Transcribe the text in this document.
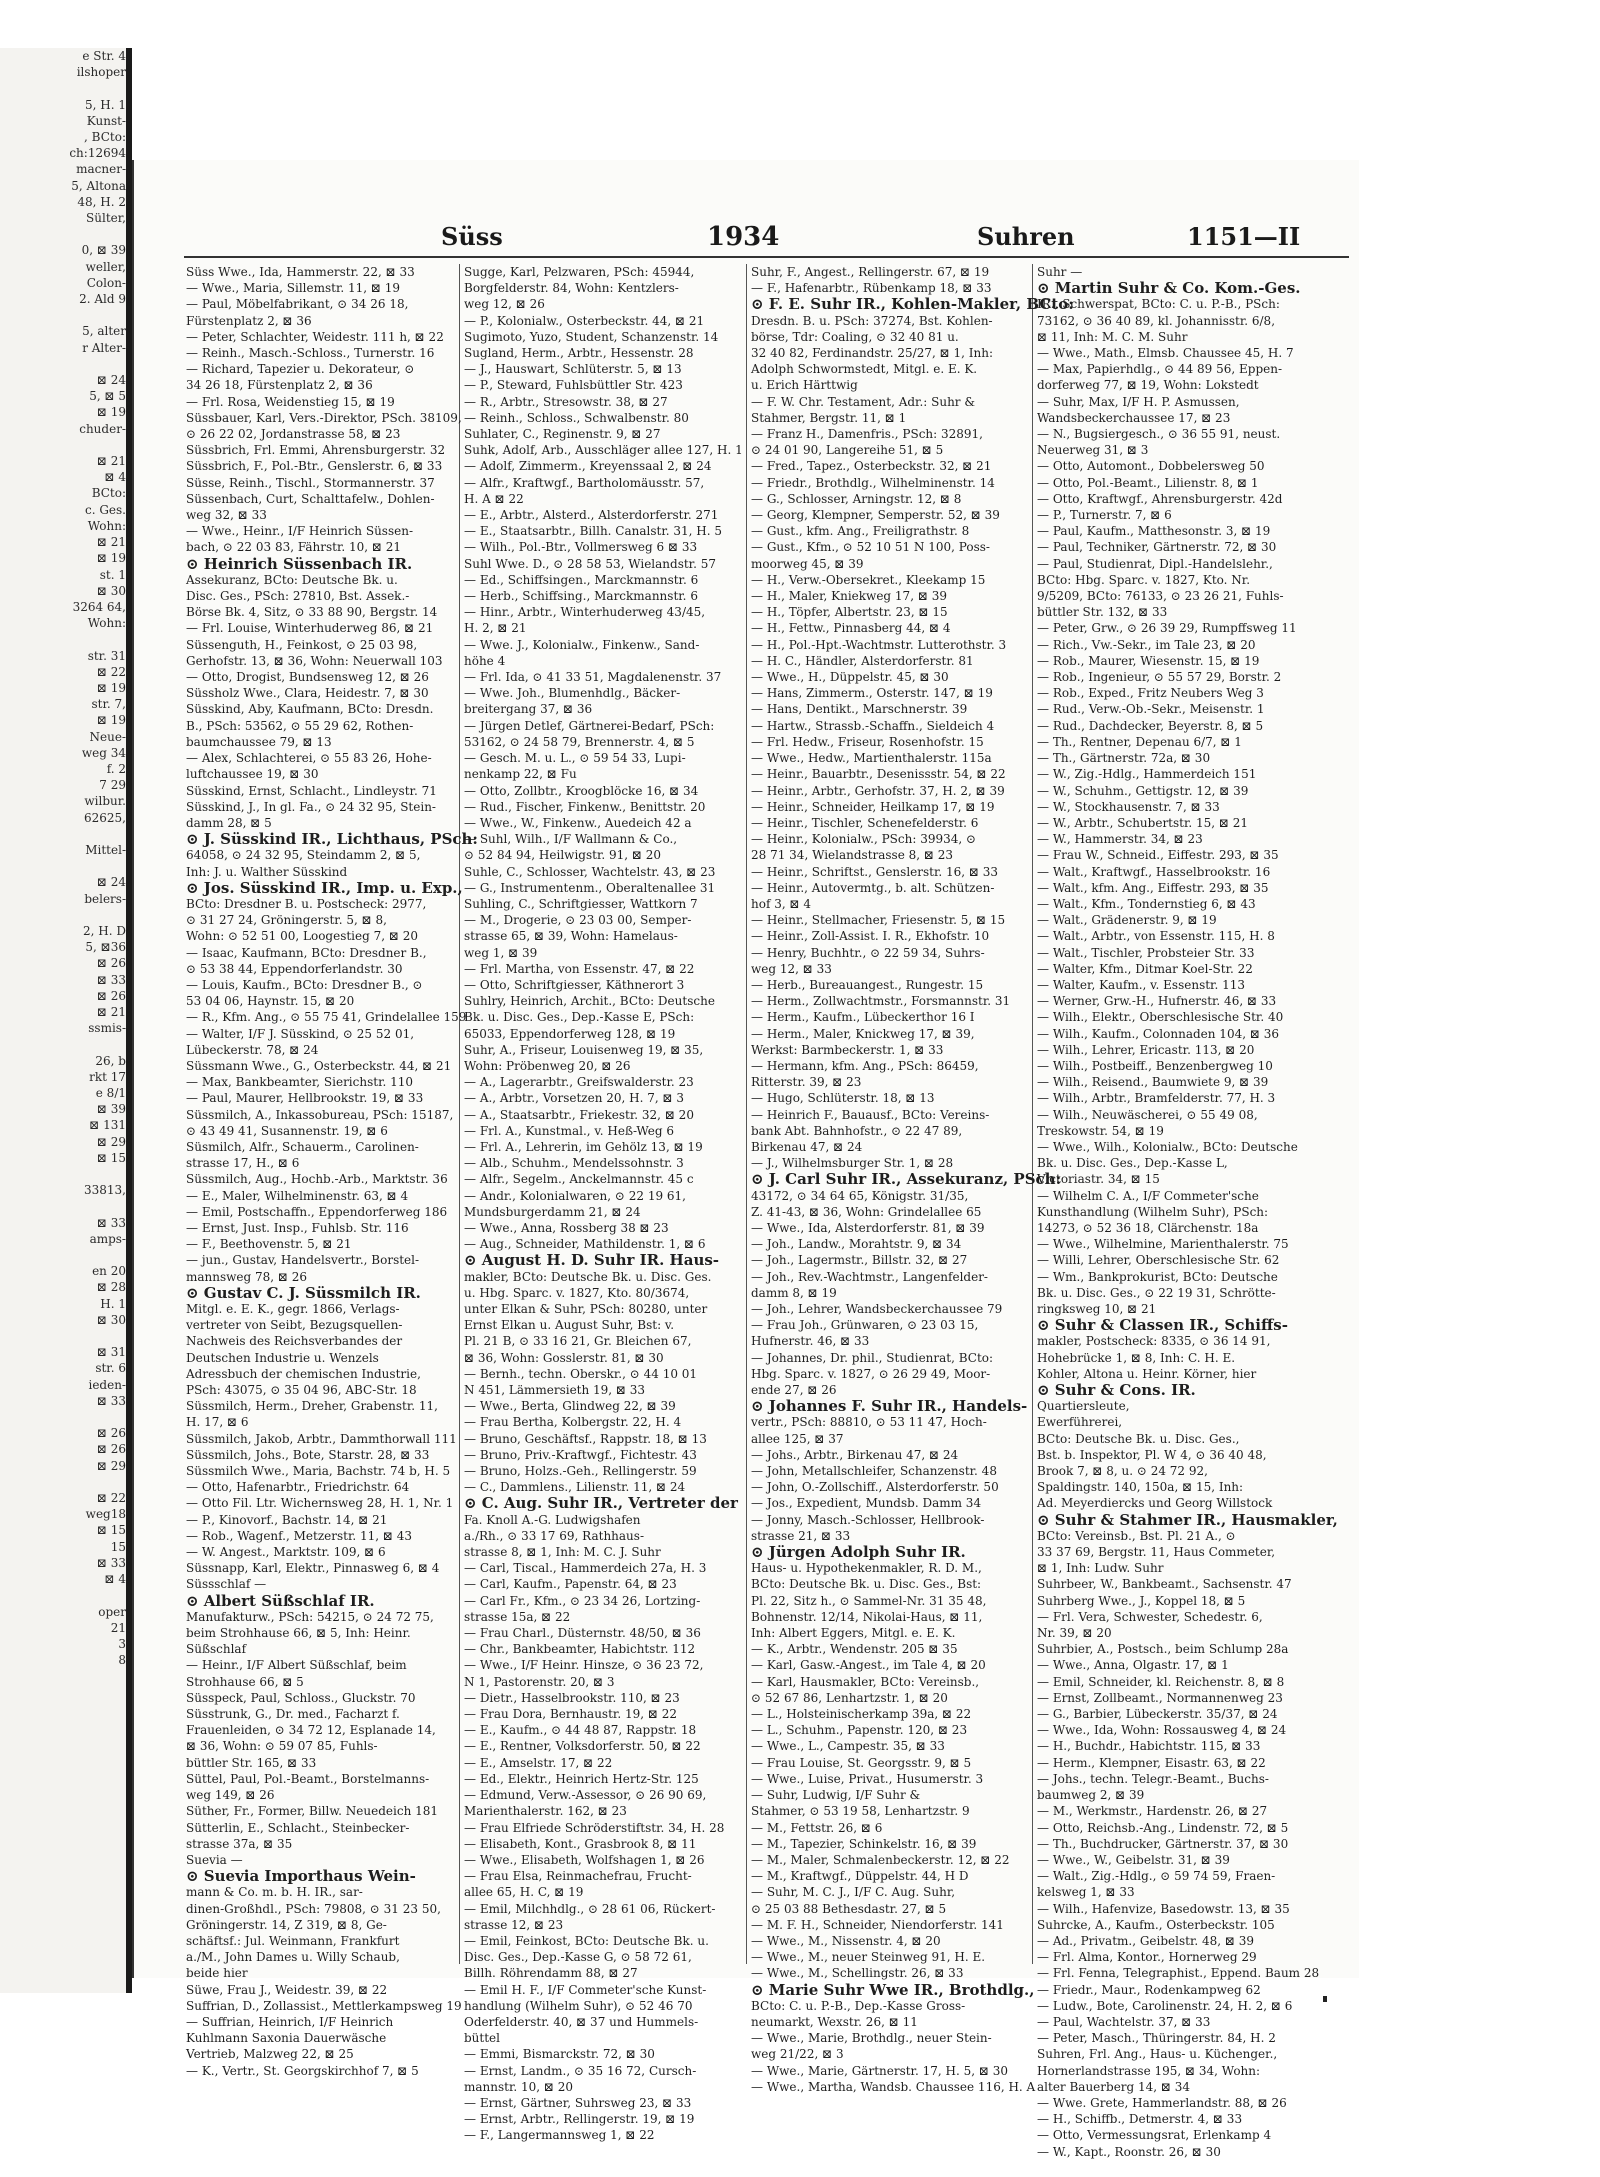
e Str. 4
ilshoper

5, H. 1
Kunst-
, BCto:
ch:12694
macner-
5, Altona
48, H. 2
Sülter,

0, ⊠ 39
weller,
Colon-
2. Ald 9

5, alter
r Alter-

⊠ 24
5, ⊠ 5
⊠ 19
chuder-

⊠ 21
⊠ 4
BCto:
c. Ges.
Wohn:
⊠ 21
⊠ 19
st. 1
⊠ 30
3264 64,
Wohn:

str. 31
⊠ 22
⊠ 19
str. 7,
⊠ 19
Neue-
weg 34
f. 2
7 29
wilbur.
62625,

Mittel-

⊠ 24
belers-

2, H. D
5, ⊠36
⊠ 26
⊠ 33
⊠ 26
⊠ 21
ssmis-

26, b
rkt 17
e 8/1
⊠ 39
⊠ 131
⊠ 29
⊠ 15

33813,

⊠ 33
amps-

en 20
⊠ 28
H. 1
⊠ 30

⊠ 31
str. 6
ieden-
⊠ 33

⊠ 26
⊠ 26
⊠ 29

⊠ 22
weg18
⊠ 15
15
⊠ 33
⊠ 4

oper
21
3
8
Süss	1934	Suhren	1151—II
Süss Wwe., Ida, Hammerstr. 22, ⊠ 33
— Wwe., Maria, Sillemstr. 11, ⊠ 19
— Paul, Möbelfabrikant, ⊙ 34 26 18,
Fürstenplatz 2, ⊠ 36
— Peter, Schlachter, Weidestr. 111 h, ⊠ 22
— Reinh., Masch.-Schloss., Turnerstr. 16
— Richard, Tapezier u. Dekorateur, ⊙
34 26 18, Fürstenplatz 2, ⊠ 36
— Frl. Rosa, Weidenstieg 15, ⊠ 19
Süssbauer, Karl, Vers.-Direktor, PSch. 38109,
⊙ 26 22 02, Jordanstrasse 58, ⊠ 23
Süssbrich, Frl. Emmi, Ahrensburgerstr. 32
Süssbrich, F., Pol.-Btr., Genslerstr. 6, ⊠ 33
Süsse, Reinh., Tischl., Stormannerstr. 37
Süssenbach, Curt, Schalttafelw., Dohlen-
weg 32, ⊠ 33
— Wwe., Heinr., I/F Heinrich Süssen-
bach, ⊙ 22 03 83, Fährstr. 10, ⊠ 21
⊙ Heinrich Süssenbach IR.
Assekuranz, BCto: Deutsche Bk. u.
Disc. Ges., PSch: 27810, Bst. Assek.-
Börse Bk. 4, Sitz, ⊙ 33 88 90, Bergstr. 14
— Frl. Louise, Winterhuderweg 86, ⊠ 21
Süssenguth, H., Feinkost, ⊙ 25 03 98,
Gerhofstr. 13, ⊠ 36, Wohn: Neuerwall 103
— Otto, Drogist, Bundsensweg 12, ⊠ 26
Süssholz Wwe., Clara, Heidestr. 7, ⊠ 30
Süsskind, Aby, Kaufmann, BCto: Dresdn.
B., PSch: 53562, ⊙ 55 29 62, Rothen-
baumchaussee 79, ⊠ 13
— Alex, Schlachterei, ⊙ 55 83 26, Hohe-
luftchaussee 19, ⊠ 30
Süsskind, Ernst, Schlacht., Lindleystr. 71
Süsskind, J., In gl. Fa., ⊙ 24 32 95, Stein-
damm 28, ⊠ 5
⊙ J. Süsskind IR., Lichthaus, PSch:
64058, ⊙ 24 32 95, Steindamm 2, ⊠ 5,
Inh: J. u. Walther Süsskind
⊙ Jos. Süsskind IR., Imp. u. Exp.,
BCto: Dresdner B. u. Postscheck: 2977,
⊙ 31 27 24, Gröningerstr. 5, ⊠ 8,
Wohn: ⊙ 52 51 00, Loogestieg 7, ⊠ 20
— Isaac, Kaufmann, BCto: Dresdner B.,
⊙ 53 38 44, Eppendorferlandstr. 30
— Louis, Kaufm., BCto: Dresdner B., ⊙
53 04 06, Haynstr. 15, ⊠ 20
— R., Kfm. Ang., ⊙ 55 75 41, Grindelallee 159
— Walter, I/F J. Süsskind, ⊙ 25 52 01,
Lübeckerstr. 78, ⊠ 24
Süssmann Wwe., G., Osterbeckstr. 44, ⊠ 21
— Max, Bankbeamter, Sierichstr. 110
— Paul, Maurer, Hellbrookstr. 19, ⊠ 33
Süssmilch, A., Inkassobureau, PSch: 15187,
⊙ 43 49 41, Susannenstr. 19, ⊠ 6
Süsmilch, Alfr., Schauerm., Carolinen-
strasse 17, H., ⊠ 6
Süssmilch, Aug., Hochb.-Arb., Marktstr. 36
— E., Maler, Wilhelminenstr. 63, ⊠ 4
— Emil, Postschaffn., Eppendorferweg 186
— Ernst, Just. Insp., Fuhlsb. Str. 116
— F., Beethovenstr. 5, ⊠ 21
— jun., Gustav, Handelsvertr., Borstel-
mannsweg 78, ⊠ 26
⊙ Gustav C. J. Süssmilch IR.
Mitgl. e. E. K., gegr. 1866, Verlags-
vertreter von Seibt, Bezugsquellen-
Nachweis des Reichsverbandes der
Deutschen Industrie u. Wenzels
Adressbuch der chemischen Industrie,
PSch: 43075, ⊙ 35 04 96, ABC-Str. 18
Süssmilch, Herm., Dreher, Grabenstr. 11,
H. 17, ⊠ 6
Süssmilch, Jakob, Arbtr., Dammthorwall 111
Süssmilch, Johs., Bote, Starstr. 28, ⊠ 33
Süssmilch Wwe., Maria, Bachstr. 74 b, H. 5
— Otto, Hafenarbtr., Friedrichstr. 64
— Otto Fil. Ltr. Wichernsweg 28, H. 1, Nr. 1
— P., Kinovorf., Bachstr. 14, ⊠ 21
— Rob., Wagenf., Metzerstr. 11, ⊠ 43
— W. Angest., Marktstr. 109, ⊠ 6
Süssnapp, Karl, Elektr., Pinnasweg 6, ⊠ 4
Süssschlaf —
⊙ Albert Süßschlaf IR.
Manufakturw., PSch: 54215, ⊙ 24 72 75,
beim Strohhause 66, ⊠ 5, Inh: Heinr.
Süßschlaf
— Heinr., I/F Albert Süßschlaf, beim
Strohhause 66, ⊠ 5
Süsspeck, Paul, Schloss., Gluckstr. 70
Süsstrunk, G., Dr. med., Facharzt f.
Frauenleiden, ⊙ 34 72 12, Esplanade 14,
⊠ 36, Wohn: ⊙ 59 07 85, Fuhls-
büttler Str. 165, ⊠ 33
Süttel, Paul, Pol.-Beamt., Borstelmanns-
weg 149, ⊠ 26
Süther, Fr., Former, Billw. Neuedeich 181
Sütterlin, E., Schlacht., Steinbecker-
strasse 37a, ⊠ 35
Suevia —
⊙ Suevia Importhaus Wein-
mann & Co. m. b. H. IR., sar-
dinen-Großhdl., PSch: 79808, ⊙ 31 23 50,
Gröningerstr. 14, Z 319, ⊠ 8, Ge-
schäftsf.: Jul. Weinmann, Frankfurt
a./M., John Dames u. Willy Schaub,
beide hier
Süwe, Frau J., Weidestr. 39, ⊠ 22
Suffrian, D., Zollassist., Mettlerkampsweg 19
— Suffrian, Heinrich, I/F Heinrich
Kuhlmann Saxonia Dauerwäsche
Vertrieb, Malzweg 22, ⊠ 25
— K., Vertr., St. Georgskirchhof 7, ⊠ 5
Sugge, Karl, Pelzwaren, PSch: 45944,
Borgfelderstr. 84, Wohn: Kentzlers-
weg 12, ⊠ 26
— P., Kolonialw., Osterbeckstr. 44, ⊠ 21
Sugimoto, Yuzo, Student, Schanzenstr. 14
Sugland, Herm., Arbtr., Hessenstr. 28
— J., Hauswart, Schlüterstr. 5, ⊠ 13
— P., Steward, Fuhlsbüttler Str. 423
— R., Arbtr., Stresowstr. 38, ⊠ 27
— Reinh., Schloss., Schwalbenstr. 80
Suhlater, C., Reginenstr. 9, ⊠ 27
Suhk, Adolf, Arb., Ausschläger allee 127, H. 1
— Adolf, Zimmerm., Kreyenssaal 2, ⊠ 24
— Alfr., Kraftwgf., Bartholomäusstr. 57,
H. A ⊠ 22
— E., Arbtr., Alsterd., Alsterdorferstr. 271
— E., Staatsarbtr., Billh. Canalstr. 31, H. 5
— Wilh., Pol.-Btr., Vollmersweg 6 ⊠ 33
Suhl Wwe. D., ⊙ 28 58 53, Wielandstr. 57
— Ed., Schiffsingen., Marckmannstr. 6
— Herb., Schiffsing., Marckmannstr. 6
— Hinr., Arbtr., Winterhuderweg 43/45,
H. 2, ⊠ 21
— Wwe. J., Kolonialw., Finkenw., Sand-
höhe 4
— Frl. Ida, ⊙ 41 33 51, Magdalenenstr. 37
— Wwe. Joh., Blumenhdlg., Bäcker-
breitergang 37, ⊠ 36
— Jürgen Detlef, Gärtnerei-Bedarf, PSch:
53162, ⊙ 24 58 79, Brennerstr. 4, ⊠ 5
— Gesch. M. u. L., ⊙ 59 54 33, Lupi-
nenkamp 22, ⊠ Fu
— Otto, Zollbtr., Kroogblöcke 16, ⊠ 34
— Rud., Fischer, Finkenw., Benittstr. 20
— Wwe., W., Finkenw., Auedeich 42 a
— Suhl, Wilh., I/F Wallmann & Co.,
⊙ 52 84 94, Heilwigstr. 91, ⊠ 20
Suhle, C., Schlosser, Wachtelstr. 43, ⊠ 23
— G., Instrumentenm., Oberaltenallee 31
Suhling, C., Schriftgiesser, Wattkorn 7
— M., Drogerie, ⊙ 23 03 00, Semper-
strasse 65, ⊠ 39, Wohn: Hamelaus-
weg 1, ⊠ 39
— Frl. Martha, von Essenstr. 47, ⊠ 22
— Otto, Schriftgiesser, Käthnerort 3
Suhlry, Heinrich, Archit., BCto: Deutsche
Bk. u. Disc. Ges., Dep.-Kasse E, PSch:
65033, Eppendorferweg 128, ⊠ 19
Suhr, A., Friseur, Louisenweg 19, ⊠ 35,
Wohn: Pröbenweg 20, ⊠ 26
— A., Lagerarbtr., Greifswalderstr. 23
— A., Arbtr., Vorsetzen 20, H. 7, ⊠ 3
— A., Staatsarbtr., Friekestr. 32, ⊠ 20
— Frl. A., Kunstmal., v. Heß-Weg 6
— Frl. A., Lehrerin, im Gehölz 13, ⊠ 19
— Alb., Schuhm., Mendelssohnstr. 3
— Alfr., Segelm., Anckelmannstr. 45 c
— Andr., Kolonialwaren, ⊙ 22 19 61,
Mundsburgerdamm 21, ⊠ 24
— Wwe., Anna, Rossberg 38 ⊠ 23
— Aug., Schneider, Mathildenstr. 1, ⊠ 6
⊙ August H. D. Suhr IR. Haus-
makler, BCto: Deutsche Bk. u. Disc. Ges.
u. Hbg. Sparc. v. 1827, Kto. 80/3674,
unter Elkan & Suhr, PSch: 80280, unter
Ernst Elkan u. August Suhr, Bst: v.
Pl. 21 B, ⊙ 33 16 21, Gr. Bleichen 67,
⊠ 36, Wohn: Gosslerstr. 81, ⊠ 30
— Bernh., techn. Oberskr., ⊙ 44 10 01
N 451, Lämmersieth 19, ⊠ 33
— Wwe., Berta, Glindweg 22, ⊠ 39
— Frau Bertha, Kolbergstr. 22, H. 4
— Bruno, Geschäftsf., Rappstr. 18, ⊠ 13
— Bruno, Priv.-Kraftwgf., Fichtestr. 43
— Bruno, Holzs.-Geh., Rellingerstr. 59
— C., Dammlens., Lilienstr. 11, ⊠ 24
⊙ C. Aug. Suhr IR., Vertreter der
Fa. Knoll A.-G. Ludwigshafen
a./Rh., ⊙ 33 17 69, Rathhaus-
strasse 8, ⊠ 1, Inh: M. C. J. Suhr
— Carl, Tiscal., Hammerdeich 27a, H. 3
— Carl, Kaufm., Papenstr. 64, ⊠ 23
— Carl Fr., Kfm., ⊙ 23 34 26, Lortzing-
strasse 15a, ⊠ 22
— Frau Charl., Düsternstr. 48/50, ⊠ 36
— Chr., Bankbeamter, Habichtstr. 112
— Wwe., I/F Heinr. Hinsze, ⊙ 36 23 72,
N 1, Pastorenstr. 20, ⊠ 3
— Dietr., Hasselbrookstr. 110, ⊠ 23
— Frau Dora, Bernhaustr. 19, ⊠ 22
— E., Kaufm., ⊙ 44 48 87, Rappstr. 18
— E., Rentner, Volksdorferstr. 50, ⊠ 22
— E., Amselstr. 17, ⊠ 22
— Ed., Elektr., Heinrich Hertz-Str. 125
— Edmund, Verw.-Assessor, ⊙ 26 90 69,
Marienthalerstr. 162, ⊠ 23
— Frau Elfriede Schröderstiftstr. 34, H. 28
— Elisabeth, Kont., Grasbrook 8, ⊠ 11
— Wwe., Elisabeth, Wolfshagen 1, ⊠ 26
— Frau Elsa, Reinmachefrau, Frucht-
allee 65, H. C, ⊠ 19
— Emil, Milchhdlg., ⊙ 28 61 06, Rückert-
strasse 12, ⊠ 23
— Emil, Feinkost, BCto: Deutsche Bk. u.
Disc. Ges., Dep.-Kasse G, ⊙ 58 72 61,
Billh. Röhrendamm 88, ⊠ 27
— Emil H. F., I/F Commeter'sche Kunst-
handlung (Wilhelm Suhr), ⊙ 52 46 70
Oderfelderstr. 40, ⊠ 37 und Hummels-
büttel
— Emmi, Bismarckstr. 72, ⊠ 30
— Ernst, Landm., ⊙ 35 16 72, Cursch-
mannstr. 10, ⊠ 20
— Ernst, Gärtner, Suhrsweg 23, ⊠ 33
— Ernst, Arbtr., Rellingerstr. 19, ⊠ 19
— F., Langermannsweg 1, ⊠ 22
Suhr, F., Angest., Rellingerstr. 67, ⊠ 19
— F., Hafenarbtr., Rübenkamp 18, ⊠ 33
⊙ F. E. Suhr IR., Kohlen-Makler, BCto:
Dresdn. B. u. PSch: 37274, Bst. Kohlen-
börse, Tdr: Coaling, ⊙ 32 40 81 u.
32 40 82, Ferdinandstr. 25/27, ⊠ 1, Inh:
Adolph Schwormstedt, Mitgl. e. E. K.
u. Erich Härttwig
— F. W. Chr. Testament, Adr.: Suhr &
Stahmer, Bergstr. 11, ⊠ 1
— Franz H., Damenfris., PSch: 32891,
⊙ 24 01 90, Langereihe 51, ⊠ 5
— Fred., Tapez., Osterbeckstr. 32, ⊠ 21
— Friedr., Brothdlg., Wilhelminenstr. 14
— G., Schlosser, Arningstr. 12, ⊠ 8
— Georg, Klempner, Semperstr. 52, ⊠ 39
— Gust., kfm. Ang., Freiligrathstr. 8
— Gust., Kfm., ⊙ 52 10 51 N 100, Poss-
moorweg 45, ⊠ 39
— H., Verw.-Obersekret., Kleekamp 15
— H., Maler, Kniekweg 17, ⊠ 39
— H., Töpfer, Albertstr. 23, ⊠ 15
— H., Fettw., Pinnasberg 44, ⊠ 4
— H., Pol.-Hpt.-Wachtmstr. Lutterothstr. 3
— H. C., Händler, Alsterdorferstr. 81
— Wwe., H., Düppelstr. 45, ⊠ 30
— Hans, Zimmerm., Osterstr. 147, ⊠ 19
— Hans, Dentikt., Marschnerstr. 39
— Hartw., Strassb.-Schaffn., Sieldeich 4
— Frl. Hedw., Friseur, Rosenhofstr. 15
— Wwe., Hedw., Martienthalerstr. 115a
— Heinr., Bauarbtr., Desenissstr. 54, ⊠ 22
— Heinr., Arbtr., Gerhofstr. 37, H. 2, ⊠ 39
— Heinr., Schneider, Heilkamp 17, ⊠ 19
— Heinr., Tischler, Schenefelderstr. 6
— Heinr., Kolonialw., PSch: 39934, ⊙
28 71 34, Wielandstrasse 8, ⊠ 23
— Heinr., Schriftst., Genslerstr. 16, ⊠ 33
— Heinr., Autovermtg., b. alt. Schützen-
hof 3, ⊠ 4
— Heinr., Stellmacher, Friesenstr. 5, ⊠ 15
— Heinr., Zoll-Assist. I. R., Ekhofstr. 10
— Henry, Buchhtr., ⊙ 22 59 34, Suhrs-
weg 12, ⊠ 33
— Herb., Bureauangest., Rungestr. 15
— Herm., Zollwachtmstr., Forsmannstr. 31
— Herm., Kaufm., Lübeckerthor 16 I
— Herm., Maler, Knickweg 17, ⊠ 39,
Werkst: Barmbeckerstr. 1, ⊠ 33
— Hermann, kfm. Ang., PSch: 86459,
Ritterstr. 39, ⊠ 23
— Hugo, Schlüterstr. 18, ⊠ 13
— Heinrich F., Bauausf., BCto: Vereins-
bank Abt. Bahnhofstr., ⊙ 22 47 89,
Birkenau 47, ⊠ 24
— J., Wilhelmsburger Str. 1, ⊠ 28
⊙ J. Carl Suhr IR., Assekuranz, PSch:
43172, ⊙ 34 64 65, Königstr. 31/35,
Z. 41-43, ⊠ 36, Wohn: Grindelallee 65
— Wwe., Ida, Alsterdorferstr. 81, ⊠ 39
— Joh., Landw., Morahtstr. 9, ⊠ 34
— Joh., Lagermstr., Billstr. 32, ⊠ 27
— Joh., Rev.-Wachtmstr., Langenfelder-
damm 8, ⊠ 19
— Joh., Lehrer, Wandsbeckerchaussee 79
— Frau Joh., Grünwaren, ⊙ 23 03 15,
Hufnerstr. 46, ⊠ 33
— Johannes, Dr. phil., Studienrat, BCto:
Hbg. Sparc. v. 1827, ⊙ 26 29 49, Moor-
ende 27, ⊠ 26
⊙ Johannes F. Suhr IR., Handels-
vertr., PSch: 88810, ⊙ 53 11 47, Hoch-
allee 125, ⊠ 37
— Johs., Arbtr., Birkenau 47, ⊠ 24
— John, Metallschleifer, Schanzenstr. 48
— John, O.-Zollschiff., Alsterdorferstr. 50
— Jos., Expedient, Mundsb. Damm 34
— Jonny, Masch.-Schlosser, Hellbrook-
strasse 21, ⊠ 33
⊙ Jürgen Adolph Suhr IR.
Haus- u. Hypothekenmakler, R. D. M.,
BCto: Deutsche Bk. u. Disc. Ges., Bst:
Pl. 22, Sitz h., ⊙ Sammel-Nr. 31 35 48,
Bohnenstr. 12/14, Nikolai-Haus, ⊠ 11,
Inh: Albert Eggers, Mitgl. e. E. K.
— K., Arbtr., Wendenstr. 205 ⊠ 35
— Karl, Gasw.-Angest., im Tale 4, ⊠ 20
— Karl, Hausmakler, BCto: Vereinsb.,
⊙ 52 67 86, Lenhartzstr. 1, ⊠ 20
— L., Holsteinischerkamp 39a, ⊠ 22
— L., Schuhm., Papenstr. 120, ⊠ 23
— Wwe., L., Campestr. 35, ⊠ 33
— Frau Louise, St. Georgsstr. 9, ⊠ 5
— Wwe., Luise, Privat., Husumerstr. 3
— Suhr, Ludwig, I/F Suhr &
Stahmer, ⊙ 53 19 58, Lenhartzstr. 9
— M., Fettstr. 26, ⊠ 6
— M., Tapezier, Schinkelstr. 16, ⊠ 39
— M., Maler, Schmalenbeckerstr. 12, ⊠ 22
— M., Kraftwgf., Düppelstr. 44, H D
— Suhr, M. C. J., I/F C. Aug. Suhr,
⊙ 25 03 88 Bethesdastr. 27, ⊠ 5
— M. F. H., Schneider, Niendorferstr. 141
— Wwe., M., Nissenstr. 4, ⊠ 20
— Wwe., M., neuer Steinweg 91, H. E.
— Wwe., M., Schellingstr. 26, ⊠ 33
⊙ Marie Suhr Wwe IR., Brothdlg.,
BCto: C. u. P.-B., Dep.-Kasse Gross-
neumarkt, Wexstr. 26, ⊠ 11
— Wwe., Marie, Brothdlg., neuer Stein-
weg 21/22, ⊠ 3
— Wwe., Marie, Gärtnerstr. 17, H. 5, ⊠ 30
— Wwe., Martha, Wandsb. Chaussee 116, H. A
Suhr —
⊙ Martin Suhr & Co. Kom.-Ges.
IR., Schwerspat, BCto: C. u. P.-B., PSch:
73162, ⊙ 36 40 89, kl. Johannisstr. 6/8,
⊠ 11, Inh: M. C. M. Suhr
— Wwe., Math., Elmsb. Chaussee 45, H. 7
— Max, Papierhdlg., ⊙ 44 89 56, Eppen-
dorferweg 77, ⊠ 19, Wohn: Lokstedt
— Suhr, Max, I/F H. P. Asmussen,
Wandsbeckerchaussee 17, ⊠ 23
— N., Bugsiergesch., ⊙ 36 55 91, neust.
Neuerweg 31, ⊠ 3
— Otto, Automont., Dobbelersweg 50
— Otto, Pol.-Beamt., Lilienstr. 8, ⊠ 1
— Otto, Kraftwgf., Ahrensburgerstr. 42d
— P., Turnerstr. 7, ⊠ 6
— Paul, Kaufm., Matthesonstr. 3, ⊠ 19
— Paul, Techniker, Gärtnerstr. 72, ⊠ 30
— Paul, Studienrat, Dipl.-Handelslehr.,
BCto: Hbg. Sparc. v. 1827, Kto. Nr.
9/5209, BCto: 76133, ⊙ 23 26 21, Fuhls-
büttler Str. 132, ⊠ 33
— Peter, Grw., ⊙ 26 39 29, Rumpffsweg 11
— Rich., Vw.-Sekr., im Tale 23, ⊠ 20
— Rob., Maurer, Wiesenstr. 15, ⊠ 19
— Rob., Ingenieur, ⊙ 55 57 29, Borstr. 2
— Rob., Exped., Fritz Neubers Weg 3
— Rud., Verw.-Ob.-Sekr., Meisenstr. 1
— Rud., Dachdecker, Beyerstr. 8, ⊠ 5
— Th., Rentner, Depenau 6/7, ⊠ 1
— Th., Gärtnerstr. 72a, ⊠ 30
— W., Zig.-Hdlg., Hammerdeich 151
— W., Schuhm., Gettigstr. 12, ⊠ 39
— W., Stockhausenstr. 7, ⊠ 33
— W., Arbtr., Schubertstr. 15, ⊠ 21
— W., Hammerstr. 34, ⊠ 23
— Frau W., Schneid., Eiffestr. 293, ⊠ 35
— Walt., Kraftwgf., Hasselbrookstr. 16
— Walt., kfm. Ang., Eiffestr. 293, ⊠ 35
— Walt., Kfm., Tondernstieg 6, ⊠ 43
— Walt., Grädenerstr. 9, ⊠ 19
— Walt., Arbtr., von Essenstr. 115, H. 8
— Walt., Tischler, Probsteier Str. 33
— Walter, Kfm., Ditmar Koel-Str. 22
— Walter, Kaufm., v. Essenstr. 113
— Werner, Grw.-H., Hufnerstr. 46, ⊠ 33
— Wilh., Elektr., Oberschlesische Str. 40
— Wilh., Kaufm., Colonnaden 104, ⊠ 36
— Wilh., Lehrer, Ericastr. 113, ⊠ 20
— Wilh., Postbeiff., Benzenbergweg 10
— Wilh., Reisend., Baumwiete 9, ⊠ 39
— Wilh., Arbtr., Bramfelderstr. 77, H. 3
— Wilh., Neuwäscherei, ⊙ 55 49 08,
Treskowstr. 54, ⊠ 19
— Wwe., Wilh., Kolonialw., BCto: Deutsche
Bk. u. Disc. Ges., Dep.-Kasse L,
Victoriastr. 34, ⊠ 15
— Wilhelm C. A., I/F Commeter'sche
Kunsthandlung (Wilhelm Suhr), PSch:
14273, ⊙ 52 36 18, Clärchenstr. 18a
— Wwe., Wilhelmine, Marienthalerstr. 75
— Willi, Lehrer, Oberschlesische Str. 62
— Wm., Bankprokurist, BCto: Deutsche
Bk. u. Disc. Ges., ⊙ 22 19 31, Schrötte-
ringksweg 10, ⊠ 21
⊙ Suhr & Classen IR., Schiffs-
makler, Postscheck: 8335, ⊙ 36 14 91,
Hohebrücke 1, ⊠ 8, Inh: C. H. E.
Kohler, Altona u. Heinr. Körner, hier
⊙ Suhr & Cons. IR.
Quartiersleute,
Ewerführerei,
BCto: Deutsche Bk. u. Disc. Ges.,
Bst. b. Inspektor, Pl. W 4, ⊙ 36 40 48,
Brook 7, ⊠ 8, u. ⊙ 24 72 92,
Spaldingstr. 140, 150a, ⊠ 15, Inh:
Ad. Meyerdiercks und Georg Willstock
⊙ Suhr & Stahmer IR., Hausmakler,
BCto: Vereinsb., Bst. Pl. 21 A., ⊙
33 37 69, Bergstr. 11, Haus Commeter,
⊠ 1, Inh: Ludw. Suhr
Suhrbeer, W., Bankbeamt., Sachsenstr. 47
Suhrberg Wwe., J., Koppel 18, ⊠ 5
— Frl. Vera, Schwester, Schedestr. 6,
Nr. 39, ⊠ 20
Suhrbier, A., Postsch., beim Schlump 28a
— Wwe., Anna, Olgastr. 17, ⊠ 1
— Emil, Schneider, kl. Reichenstr. 8, ⊠ 8
— Ernst, Zollbeamt., Normannenweg 23
— G., Barbier, Lübeckerstr. 35/37, ⊠ 24
— Wwe., Ida, Wohn: Rossausweg 4, ⊠ 24
— H., Buchdr., Habichtstr. 115, ⊠ 33
— Herm., Klempner, Eisastr. 63, ⊠ 22
— Johs., techn. Telegr.-Beamt., Buchs-
baumweg 2, ⊠ 39
— M., Werkmstr., Hardenstr. 26, ⊠ 27
— Otto, Reichsb.-Ang., Lindenstr. 72, ⊠ 5
— Th., Buchdrucker, Gärtnerstr. 37, ⊠ 30
— Wwe., W., Geibelstr. 31, ⊠ 39
— Walt., Zig.-Hdlg., ⊙ 59 74 59, Fraen-
kelsweg 1, ⊠ 33
— Wilh., Hafenvize, Basedowstr. 13, ⊠ 35
Suhrcke, A., Kaufm., Osterbeckstr. 105
— Ad., Privatm., Geibelstr. 48, ⊠ 39
— Frl. Alma, Kontor., Hornerweg 29
— Frl. Fenna, Telegraphist., Eppend. Baum 28
— Friedr., Maur., Rodenkampweg 62
— Ludw., Bote, Carolinenstr. 24, H. 2, ⊠ 6
— Paul, Wachtelstr. 37, ⊠ 33
— Peter, Masch., Thüringerstr. 84, H. 2
Suhren, Frl. Ang., Haus- u. Küchenger.,
Hornerlandstrasse 195, ⊠ 34, Wohn:
alter Bauerberg 14, ⊠ 34
— Wwe. Grete, Hammerlandstr. 88, ⊠ 26
— H., Schiffb., Detmerstr. 4, ⊠ 33
— Otto, Vermessungsrat, Erlenkamp 4
— W., Kapt., Roonstr. 26, ⊠ 30
